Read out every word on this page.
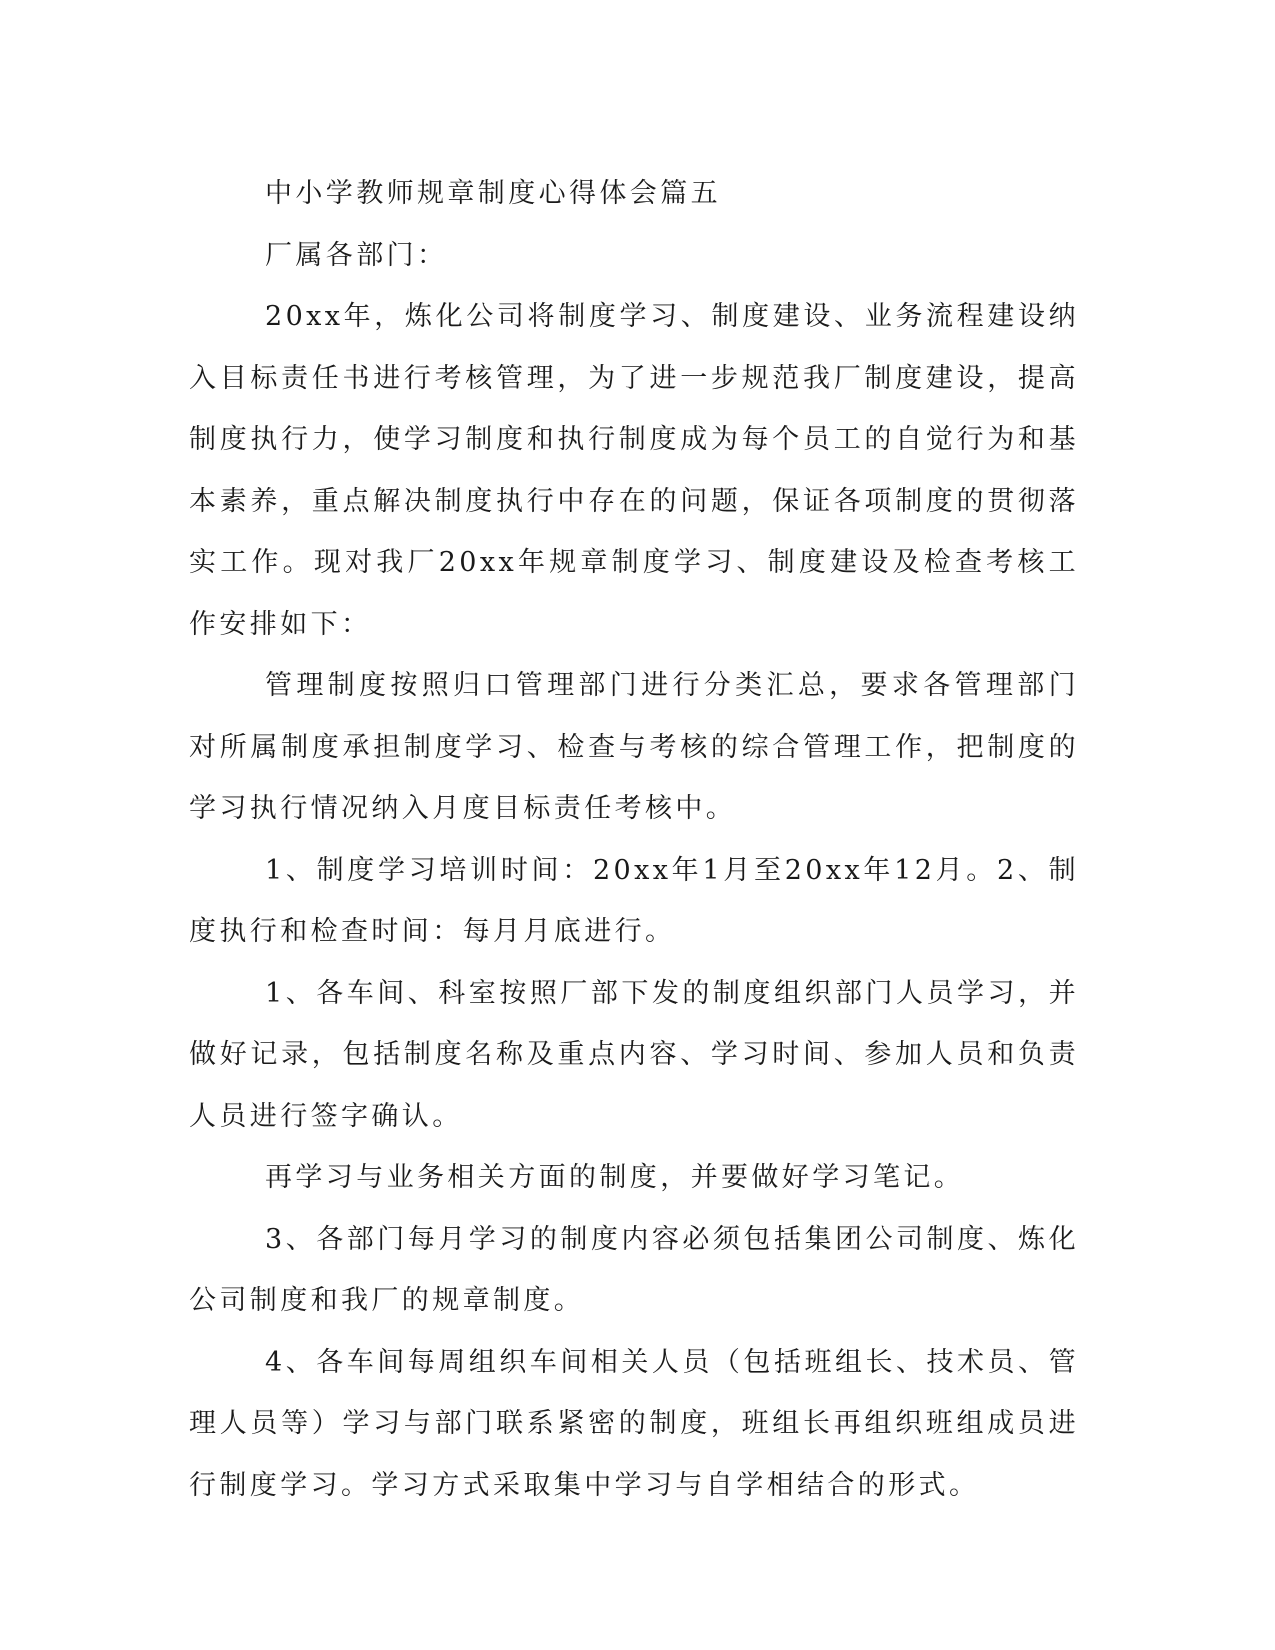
中小学教师规章制度心得体会篇五

厂属各部门：

20xx年，炼化公司将制度学习、制度建设、业务流程建设纳入目标责任书进行考核管理，为了进一步规范我厂制度建设，提高制度执行力，使学习制度和执行制度成为每个员工的自觉行为和基本素养，重点解决制度执行中存在的问题，保证各项制度的贯彻落实工作。现对我厂20xx年规章制度学习、制度建设及检查考核工作安排如下：

管理制度按照归口管理部门进行分类汇总，要求各管理部门对所属制度承担制度学习、检查与考核的综合管理工作，把制度的学习执行情况纳入月度目标责任考核中。

1、制度学习培训时间：20xx年1月至20xx年12月。2、制度执行和检查时间：每月月底进行。

1、各车间、科室按照厂部下发的制度组织部门人员学习，并做好记录，包括制度名称及重点内容、学习时间、参加人员和负责人员进行签字确认。

再学习与业务相关方面的制度，并要做好学习笔记。

3、各部门每月学习的制度内容必须包括集团公司制度、炼化公司制度和我厂的规章制度。

4、各车间每周组织车间相关人员（包括班组长、技术员、管理人员等）学习与部门联系紧密的制度，班组长再组织班组成员进行制度学习。学习方式采取集中学习与自学相结合的形式。
